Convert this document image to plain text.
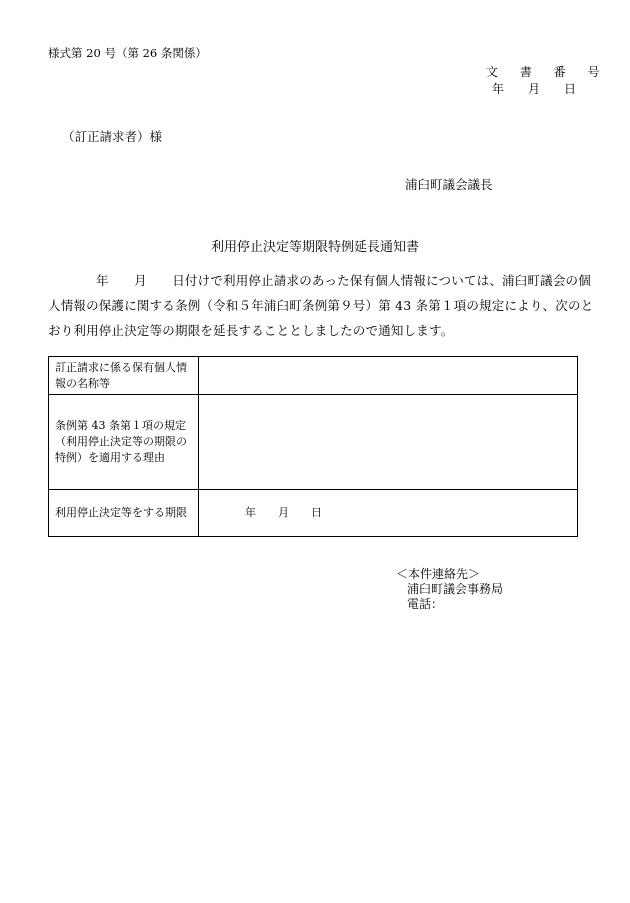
様式第 20 号（第 26 条関係）
文 書 番 号
年　　月　　日
（訂正請求者）様
浦臼町議会議長
利用停止決定等期限特例延長通知書
年　　月　　日付けで利用停止請求のあった保有個人情報については、浦臼町議会の個人情報の保護に関する条例（令和５年浦臼町条例第９号）第 43 条第１項の規定により、次のとおり利用停止決定等の期限を延長することとしましたので通知します。
訂正請求に係る保有個人情報の名称等	
条例第 43 条第１項の規定（利用停止決定等の期限の特例）を適用する理由	
利用停止決定等をする期限	年　　月　　日
＜本件連絡先＞
浦臼町議会事務局
電話：
